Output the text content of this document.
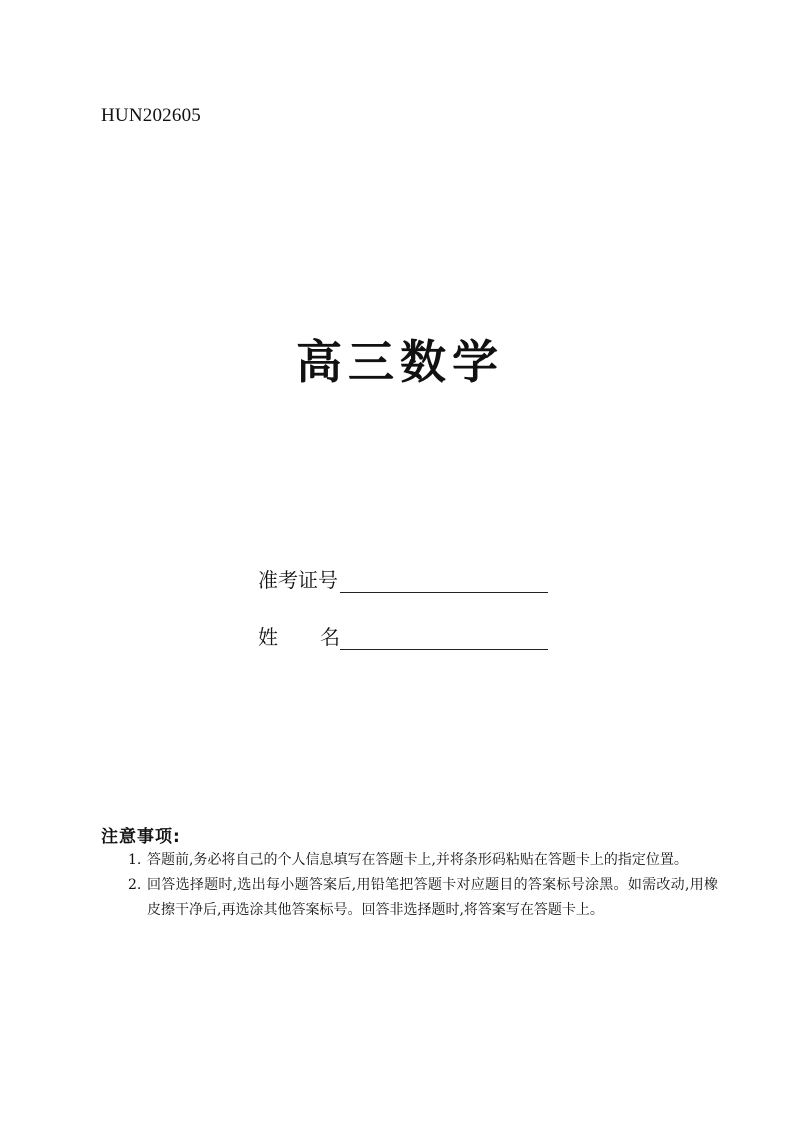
HUN202605
高三数学
准考证号
姓 名
注意事项:
1. 答题前,务必将自己的个人信息填写在答题卡上,并将条形码粘贴在答题卡上的指定位置。
2. 回答选择题时,选出每小题答案后,用铅笔把答题卡对应题目的答案标号涂黑。如需改动,用橡皮擦干净后,再选涂其他答案标号。回答非选择题时,将答案写在答题卡上。
